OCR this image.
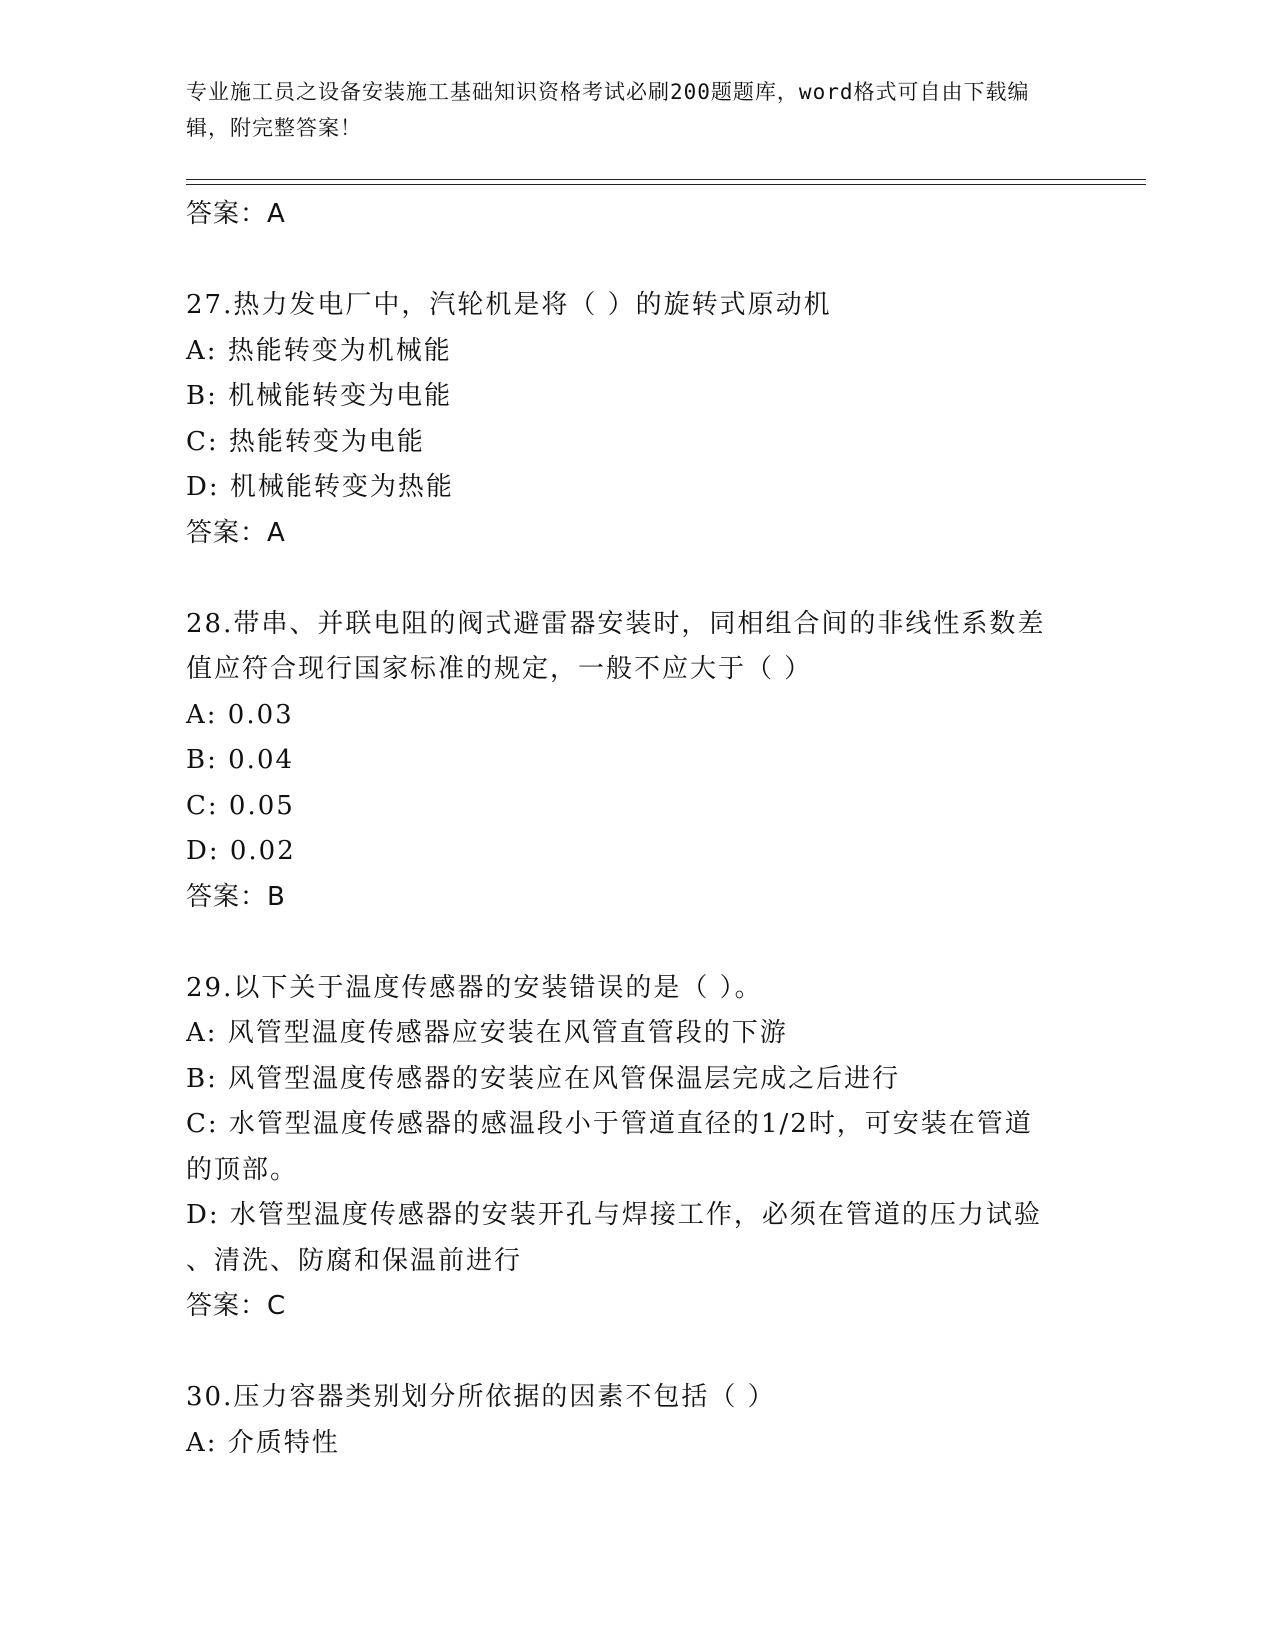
专业施工员之设备安装施工基础知识资格考试必刷200题题库，word格式可自由下载编辑，附完整答案！
答案：A
27.热力发电厂中，汽轮机是将（ ）的旋转式原动机
A: 热能转变为机械能
B: 机械能转变为电能
C: 热能转变为电能
D: 机械能转变为热能
答案：A
28.带串、并联电阻的阀式避雷器安装时，同相组合间的非线性系数差
值应符合现行国家标准的规定，一般不应大于（ ）
A: 0.03
B: 0.04
C: 0.05
D: 0.02
答案：B
29.以下关于温度传感器的安装错误的是（ ）。
A: 风管型温度传感器应安装在风管直管段的下游
B: 风管型温度传感器的安装应在风管保温层完成之后进行
C: 水管型温度传感器的感温段小于管道直径的1/2时，可安装在管道
的顶部。
D: 水管型温度传感器的安装开孔与焊接工作，必须在管道的压力试验
、清洗、防腐和保温前进行
答案：C
30.压力容器类别划分所依据的因素不包括（ ）
A: 介质特性
